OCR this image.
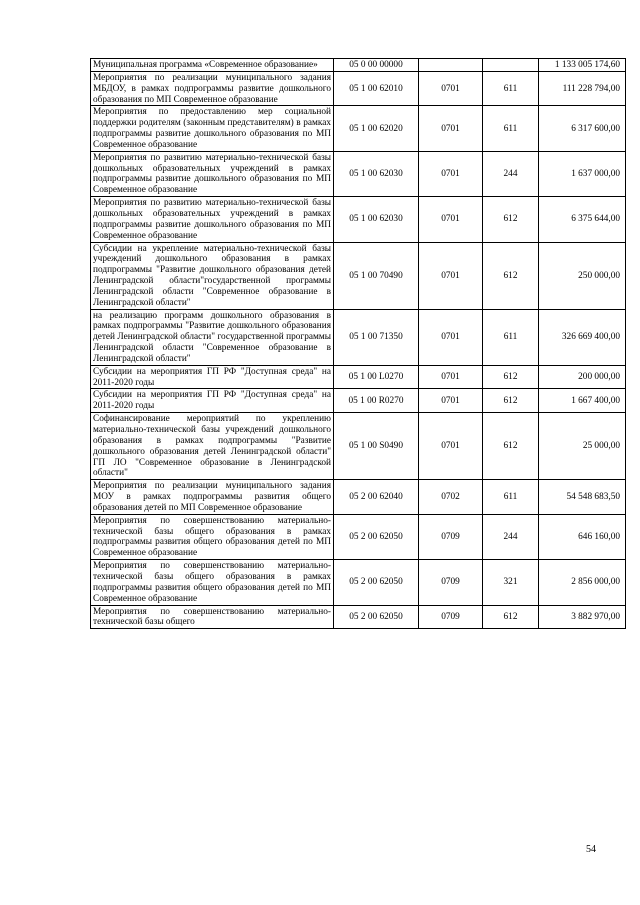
Муниципальная программа «Современное образование»	05 0 00 00000			1 133 005 174,60
Мероприятия по реализации муниципального задания МБДОУ, в рамках подпрограммы развитие дошкольного образования по МП Современное образование	05 1 00 62010	0701	611	111 228 794,00
Мероприятия по предоставлению мер социальной поддержки родителям (законным представителям) в рамках подпрограммы развитие дошкольного образования по МП Современное образование	05 1 00 62020	0701	611	6 317 600,00
Мероприятия по развитию материально-технической базы дошкольных образовательных учреждений в рамках подпрограммы развитие дошкольного образования по МП Современное образование	05 1 00 62030	0701	244	1 637 000,00
Мероприятия по развитию материально-технической базы дошкольных образовательных учреждений в рамках подпрограммы развитие дошкольного образования по МП Современное образование	05 1 00 62030	0701	612	6 375 644,00
Субсидии на укрепление материально-технической базы учреждений дошкольного образования в рамках подпрограммы "Развитие дошкольного образования детей Ленинградской области"государственной программы Ленинградской области "Современное образование в Ленинградской области"	05 1 00 70490	0701	612	250 000,00
на реализацию программ дошкольного образования в рамках подпрограммы "Развитие дошкольного образования детей Ленинградской области" государственной программы Ленинградской области "Современное образование в Ленинградской области"	05 1 00 71350	0701	611	326 669 400,00
Субсидии на мероприятия ГП РФ "Доступная среда" на 2011-2020 годы	05 1 00 L0270	0701	612	200 000,00
Субсидии на мероприятия ГП РФ "Доступная среда" на 2011-2020 годы	05 1 00 R0270	0701	612	1 667 400,00
Софинансирование мероприятий по укреплению материально-технической базы учреждений дошкольного образования в рамках подпрограммы "Развитие дошкольного образования детей Ленинградской области" ГП ЛО "Современное образование в Ленинградской области"	05 1 00 S0490	0701	612	25 000,00
Мероприятия по реализации муниципального задания МОУ в рамках подпрограммы развития общего образования детей по МП Современное образование	05 2 00 62040	0702	611	54 548 683,50
Мероприятия по совершенствованию материально-технической базы общего образования в рамках подпрограммы развития общего образования детей по МП Современное образование	05 2 00 62050	0709	244	646 160,00
Мероприятия по совершенствованию материально-технической базы общего образования в рамках подпрограммы развития общего образования детей по МП Современное образование	05 2 00 62050	0709	321	2 856 000,00
Мероприятия по совершенствованию материально-технической базы общего	05 2 00 62050	0709	612	3 882 970,00
54
